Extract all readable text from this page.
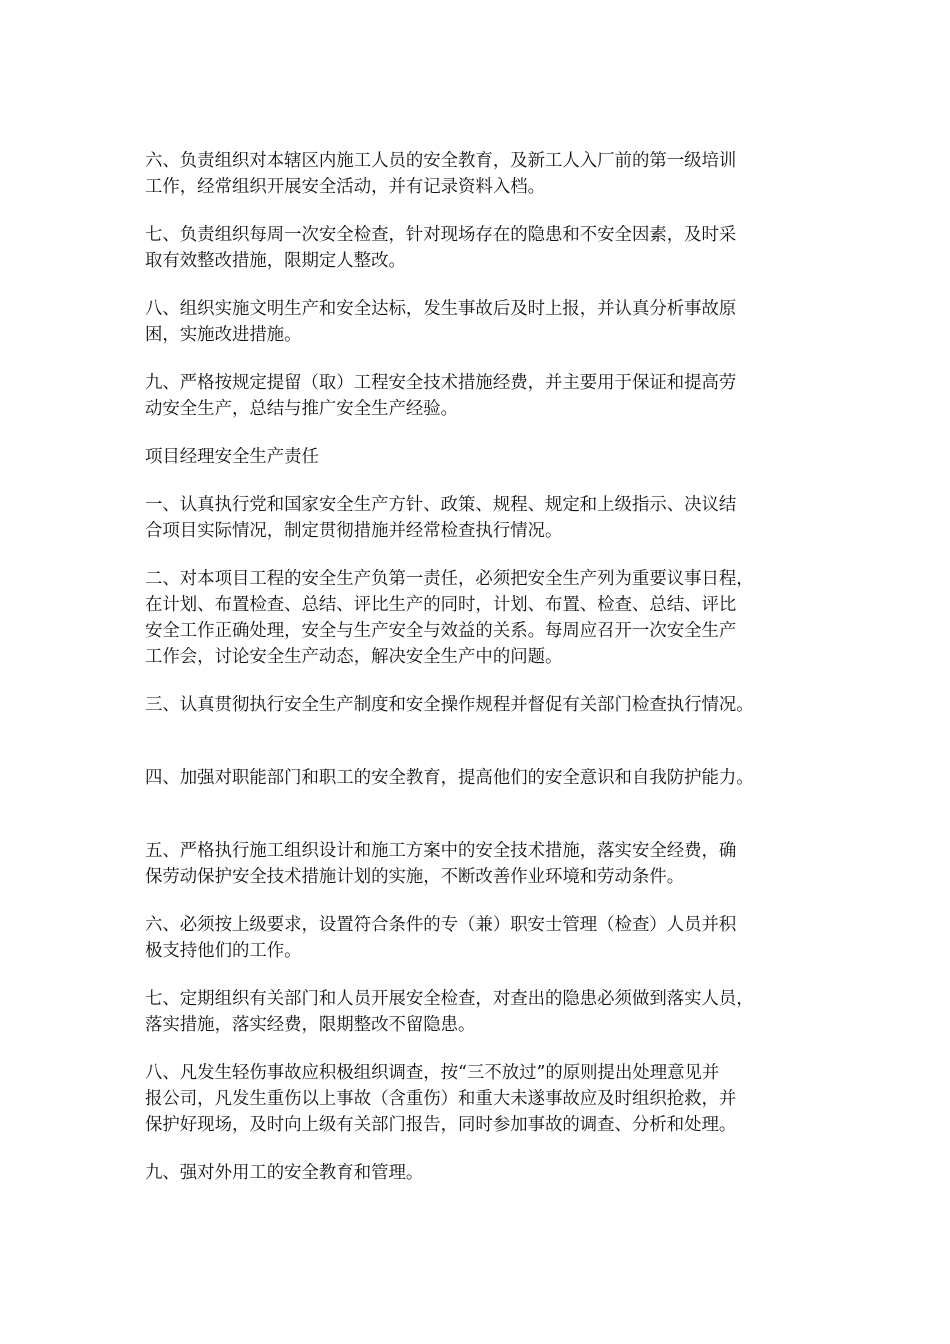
六、负责组织对本辖区内施工人员的安全教育，及新工人入厂前的第一级培训
工作，经常组织开展安全活动，并有记录资料入档。
七、负责组织每周一次安全检查，针对现场存在的隐患和不安全因素，及时采
取有效整改措施，限期定人整改。
八、组织实施文明生产和安全达标，发生事故后及时上报，并认真分析事故原
困，实施改进措施。
九、严格按规定提留（取）工程安全技术措施经费，并主要用于保证和提高劳
动安全生产，总结与推广安全生产经验。
项目经理安全生产责任
一、认真执行党和国家安全生产方针、政策、规程、规定和上级指示、决议结
合项目实际情况，制定贯彻措施并经常检查执行情况。
二、对本项目工程的安全生产负第一责任，必须把安全生产列为重要议事日程，
在计划、布置检查、总结、评比生产的同时，计划、布置、检查、总结、评比
安全工作正确处理，安全与生产安全与效益的关系。每周应召开一次安全生产
工作会，讨论安全生产动态，解决安全生产中的问题。
三、认真贯彻执行安全生产制度和安全操作规程并督促有关部门检查执行情况。
四、加强对职能部门和职工的安全教育，提高他们的安全意识和自我防护能力。
五、严格执行施工组织设计和施工方案中的安全技术措施，落实安全经费，确
保劳动保护安全技术措施计划的实施，不断改善作业环境和劳动条件。
六、必须按上级要求，设置符合条件的专（兼）职安士管理（检查）人员并积
极支持他们的工作。
七、定期组织有关部门和人员开展安全检查，对查出的隐患必须做到落实人员，
落实措施，落实经费，限期整改不留隐患。
八、凡发生轻伤事故应积极组织调查，按“三不放过”的原则提出处理意见并
报公司，凡发生重伤以上事故（含重伤）和重大未遂事故应及时组织抢救，并
保护好现场，及时向上级有关部门报告，同时参加事故的调查、分析和处理。
九、强对外用工的安全教育和管理。
